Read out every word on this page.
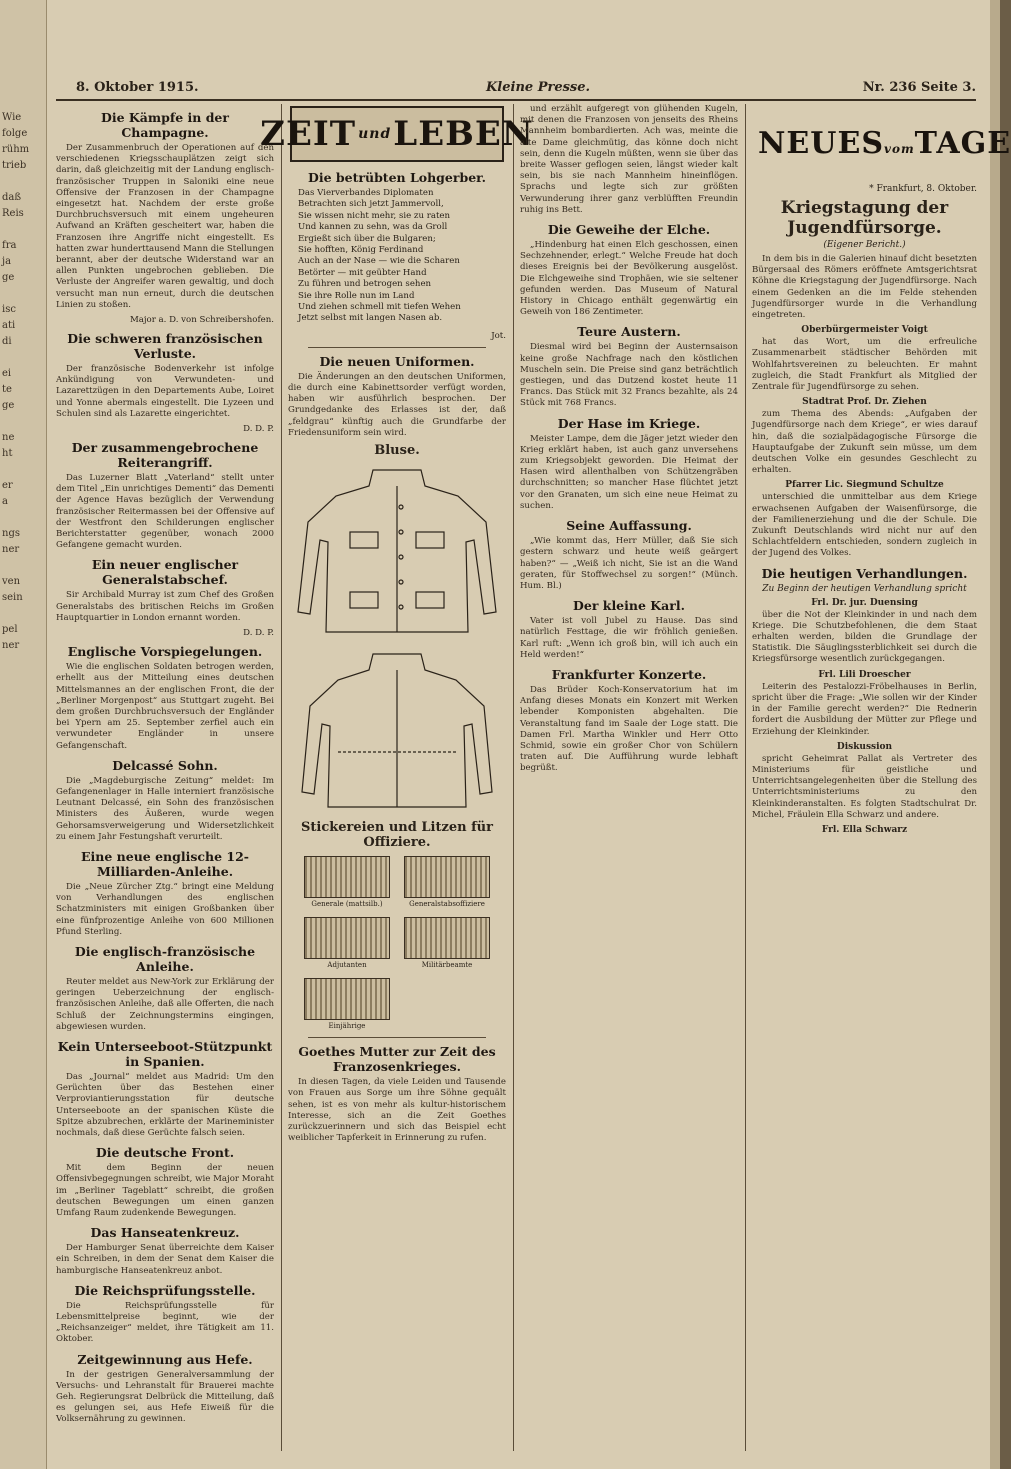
Wie
folge
rühm
trieb

daß
Reis

fra
ja
ge

isc
ati
di

ei
te
ge

ne
ht

er
a

ngs
ner

ven
sein

pel
ner
8. Oktober 1915.	Kleine Presse.	Nr. 236 Seite 3.
Die Kämpfe in der Champagne.

Der Zusammenbruch der Operationen auf den verschiedenen Kriegsschauplätzen zeigt sich darin, daß gleichzeitig mit der Landung englisch-französischer Truppen in Saloniki eine neue Offensive der Franzosen in der Champagne eingesetzt hat. Nachdem der erste große Durchbruchsversuch mit einem ungeheuren Aufwand an Kräften gescheitert war, haben die Franzosen ihre Angriffe nicht eingestellt. Es hatten zwar hunderttausend Mann die Stellungen berannt, aber der deutsche Widerstand war an allen Punkten ungebrochen geblieben. Die Verluste der Angreifer waren gewaltig, und doch versucht man nun erneut, durch die deutschen Linien zu stoßen.

Major a. D. von Schreibershofen.
Die schweren französischen Verluste.

Der französische Bodenverkehr ist infolge Ankündigung von Verwundeten- und Lazarettzügen in den Departements Aube, Loiret und Yonne abermals eingestellt. Die Lyzeen und Schulen sind als Lazarette eingerichtet.

D. D. P.
Der zusammengebrochene Reiterangriff.

Das Luzerner Blatt „Vaterland“ stellt unter dem Titel „Ein unrichtiges Dementi“ das Dementi der Agence Havas bezüglich der Verwendung französischer Reitermassen bei der Offensive auf der Westfront den Schilderungen englischer Berichterstatter gegenüber, wonach 2000 Gefangene gemacht wurden.

Ein neuer englischer Generalstabschef.

Sir Archibald Murray ist zum Chef des Großen Generalstabs des britischen Reichs im Großen Hauptquartier in London ernannt worden.

D. D. P.
Englische Vorspiegelungen.

Wie die englischen Soldaten betrogen werden, erhellt aus der Mitteilung eines deutschen Mittelsmannes an der englischen Front, die der „Berliner Morgenpost“ aus Stuttgart zugeht. Bei dem großen Durchbruchsversuch der Engländer bei Ypern am 25. September zerfiel auch ein verwundeter Engländer in unsere Gefangenschaft.

Delcassé Sohn.

Die „Magdeburgische Zeitung“ meldet: Im Gefangenenlager in Halle interniert französische Leutnant Delcassé, ein Sohn des französischen Ministers des Äußeren, wurde wegen Gehorsamsverweigerung und Widersetzlichkeit zu einem Jahr Festungshaft verurteilt.

Eine neue englische 12-Milliarden-Anleihe.

Die „Neue Zürcher Ztg.“ bringt eine Meldung von Verhandlungen des englischen Schatzministers mit einigen Großbanken über eine fünfprozentige Anleihe von 600 Millionen Pfund Sterling.

Die englisch-französische Anleihe.

Reuter meldet aus New-York zur Erklärung der geringen Ueberzeichnung der englisch-französischen Anleihe, daß alle Offerten, die nach Schluß der Zeichnungstermins eingingen, abgewiesen wurden.

Kein Unterseeboot-Stützpunkt in Spanien.

Das „Journal“ meldet aus Madrid: Um den Gerüchten über das Bestehen einer Verproviantierungsstation für deutsche Unterseeboote an der spanischen Küste die Spitze abzubrechen, erklärte der Marineminister nochmals, daß diese Gerüchte falsch seien.

Die deutsche Front.

Mit dem Beginn der neuen Offensivbegegnungen schreibt, wie Major Moraht im „Berliner Tageblatt“ schreibt, die großen deutschen Bewegungen um einen ganzen Umfang Raum zudenkende Bewegungen.

Das Hanseatenkreuz.

Der Hamburger Senat überreichte dem Kaiser ein Schreiben, in dem der Senat dem Kaiser die hamburgische Hanseatenkreuz anbot.

Die Reichsprüfungsstelle.

Die Reichsprüfungsstelle für Lebensmittelpreise beginnt, wie der „Reichsanzeiger“ meldet, ihre Tätigkeit am 11. Oktober.

Zeitgewinnung aus Hefe.

In der gestrigen Generalversammlung der Versuchs- und Lehranstalt für Brauerei machte Geh. Regierungsrat Delbrück die Mitteilung, daß es gelungen sei, aus Hefe Eiweiß für die Volksernährung zu gewinnen.

ZEIT und LEBEN
Die betrübten Lohgerber.
Das Vierverbandes Diplomaten
Betrachten sich jetzt Jammervoll,
Sie wissen nicht mehr, sie zu raten
Und kannen zu sehn, was da Groll
Ergießt sich über die Bulgaren;
Sie hofften, König Ferdinand
Auch an der Nase — wie die Scharen
Betörter — mit geübter Hand
Zu führen und betrogen sehen
Sie ihre Rolle nun im Land
Und ziehen schmell mit tiefen Wehen
Jetzt selbst mit langen Nasen ab.
Jot.
Die neuen Uniformen.

Die Änderungen an den deutschen Uniformen, die durch eine Kabinettsorder verfügt worden, haben wir ausführlich besprochen. Der Grundgedanke des Erlasses ist der, daß „feldgrau“ künftig auch die Grundfarbe der Friedensuniform sein wird.

Bluse.
Stickereien und Litzen für Offiziere.
Generale (mattsilb.)	Generalstabsoffiziere
Adjutanten	Militärbeamte
Einjährige
Goethes Mutter zur Zeit des Franzosenkrieges.

In diesen Tagen, da viele Leiden und Tausende von Frauen aus Sorge um ihre Söhne gequält sehen, ist es von mehr als kultur-historischem Interesse, sich an die Zeit Goethes zurückzuerinnern und sich das Beispiel echt weiblicher Tapferkeit in Erinnerung zu rufen.

und erzählt aufgeregt von glühenden Kugeln, mit denen die Franzosen von jenseits des Rheins Mannheim bombardierten. Ach was, meinte die alte Dame gleichmütig, das könne doch nicht sein, denn die Kugeln müßten, wenn sie über das breite Wasser geflogen seien, längst wieder kalt sein, bis sie nach Mannheim hineinflögen. Sprachs und legte sich zur größten Verwunderung ihrer ganz verblüfften Freundin ruhig ins Bett.

Die Geweihe der Elche.

„Hindenburg hat einen Elch geschossen, einen Sechzehnender, erlegt.“ Welche Freude hat doch dieses Ereignis bei der Bevölkerung ausgelöst. Die Elchgeweihe sind Trophäen, wie sie seltener gefunden werden. Das Museum of Natural History in Chicago enthält gegenwärtig ein Geweih von 186 Zentimeter.

Teure Austern.

Diesmal wird bei Beginn der Austernsaison keine große Nachfrage nach den köstlichen Muscheln sein. Die Preise sind ganz beträchtlich gestiegen, und das Dutzend kostet heute 11 Francs. Das Stück mit 32 Francs bezahlte, als 24 Stück mit 768 Francs.

Der Hase im Kriege.

Meister Lampe, dem die Jäger jetzt wieder den Krieg erklärt haben, ist auch ganz unversehens zum Kriegsobjekt geworden. Die Heimat der Hasen wird allenthalben von Schützengräben durchschnitten; so mancher Hase flüchtet jetzt vor den Granaten, um sich eine neue Heimat zu suchen.

Seine Auffassung.

„Wie kommt das, Herr Müller, daß Sie sich gestern schwarz und heute weiß geärgert haben?“ — „Weiß ich nicht, Sie ist an die Wand geraten, für Stoffwechsel zu sorgen!“ (Münch. Hum. Bl.)

Der kleine Karl.

Vater ist voll Jubel zu Hause. Das sind natürlich Festtage, die wir fröhlich genießen. Karl ruft: „Wenn ich groß bin, will ich auch ein Held werden!“

Frankfurter Konzerte.

Das Brüder Koch-Konservatorium hat im Anfang dieses Monats ein Konzert mit Werken lebender Komponisten abgehalten. Die Veranstaltung fand im Saale der Loge statt. Die Damen Frl. Martha Winkler und Herr Otto Schmid, sowie ein großer Chor von Schülern traten auf. Die Aufführung wurde lebhaft begrüßt.

NEUESvomTAGE
* Frankfurt, 8. Oktober.
Kriegstagung der Jugendfürsorge.
(Eigener Bericht.)

In dem bis in die Galerien hinauf dicht besetzten Bürgersaal des Römers eröffnete Amtsgerichtsrat Köhne die Kriegstagung der Jugendfürsorge. Nach einem Gedenken an die im Felde stehenden Jugendfürsorger wurde in die Verhandlung eingetreten.

Oberbürgermeister Voigt

hat das Wort, um die erfreuliche Zusammenarbeit städtischer Behörden mit Wohlfahrtsvereinen zu beleuchten. Er mahnt zugleich, die Stadt Frankfurt als Mitglied der Zentrale für Jugendfürsorge zu sehen.

Stadtrat Prof. Dr. Ziehen

zum Thema des Abends: „Aufgaben der Jugendfürsorge nach dem Kriege“, er wies darauf hin, daß die sozialpädagogische Fürsorge die Hauptaufgabe der Zukunft sein müsse, um dem deutschen Volke ein gesundes Geschlecht zu erhalten.

Pfarrer Lic. Siegmund Schultze

unterschied die unmittelbar aus dem Kriege erwachsenen Aufgaben der Waisenfürsorge, die der Familienerziehung und die der Schule. Die Zukunft Deutschlands wird nicht nur auf den Schlachtfeldern entschieden, sondern zugleich in der Jugend des Volkes.

Die heutigen Verhandlungen.
Zu Beginn der heutigen Verhandlung spricht
Frl. Dr. jur. Duensing

über die Not der Kleinkinder in und nach dem Kriege. Die Schutzbefohlenen, die dem Staat erhalten werden, bilden die Grundlage der Statistik. Die Säuglingssterblichkeit sei durch die Kriegsfürsorge wesentlich zurückgegangen.

Frl. Lili Droescher

Leiterin des Pestalozzi-Fröbelhauses in Berlin, spricht über die Frage: „Wie sollen wir der Kinder in der Familie gerecht werden?“ Die Rednerin fordert die Ausbildung der Mütter zur Pflege und Erziehung der Kleinkinder.

Diskussion

spricht Geheimrat Pallat als Vertreter des Ministeriums für geistliche und Unterrichtsangelegenheiten über die Stellung des Unterrichtsministeriums zu den Kleinkinderanstalten. Es folgten Stadtschulrat Dr. Michel, Fräulein Ella Schwarz und andere.

Frl. Ella Schwarz
